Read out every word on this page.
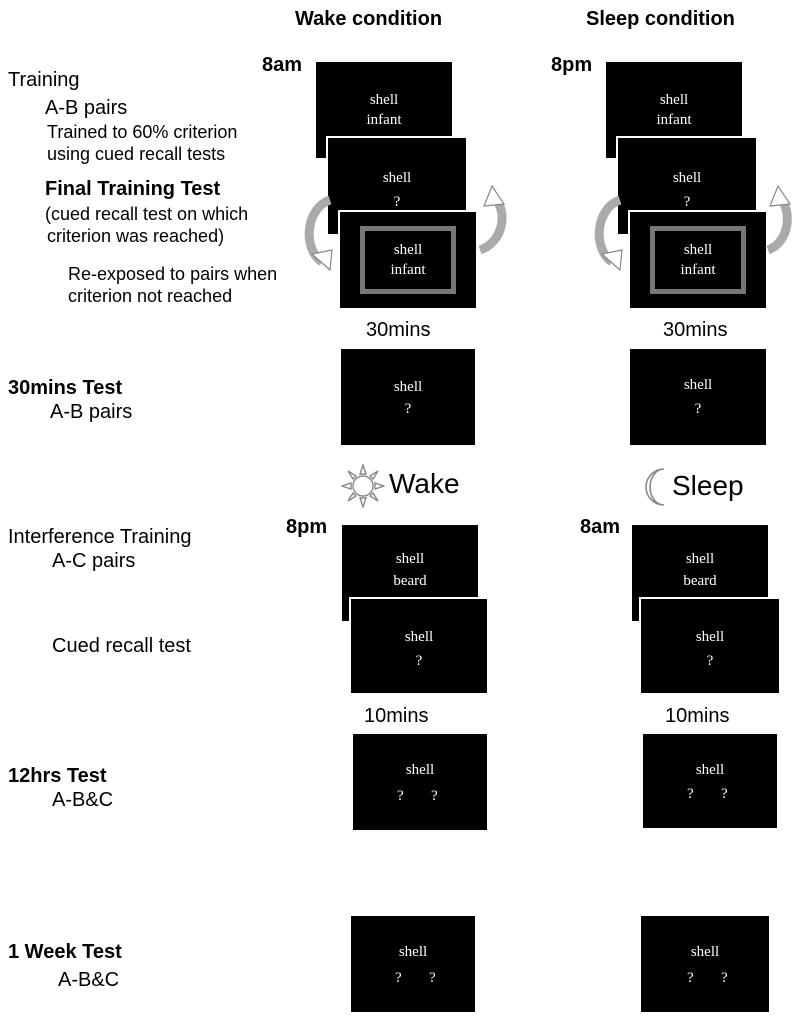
Training
A-B pairs
Trained to 60% criterion
using cued recall tests
Final Training Test
(cued recall test on which
criterion was reached)
Re-exposed to pairs when
criterion not reached
30mins Test
A-B pairs
Interference Training
A-C pairs
Cued recall test
12hrs Test
A-B&C
1 Week Test
A-B&C
Wake condition
8am
shell
infant
shell
?
shell
infant
30mins
shell
?
Wake
8pm
shell
beard
shell
?
10mins
shell
? ?
shell
? ?
Sleep condition
8pm
shell
infant
shell
?
shell
infant
30mins
shell
?
Sleep
8am
shell
beard
shell
?
10mins
shell
? ?
shell
? ?
